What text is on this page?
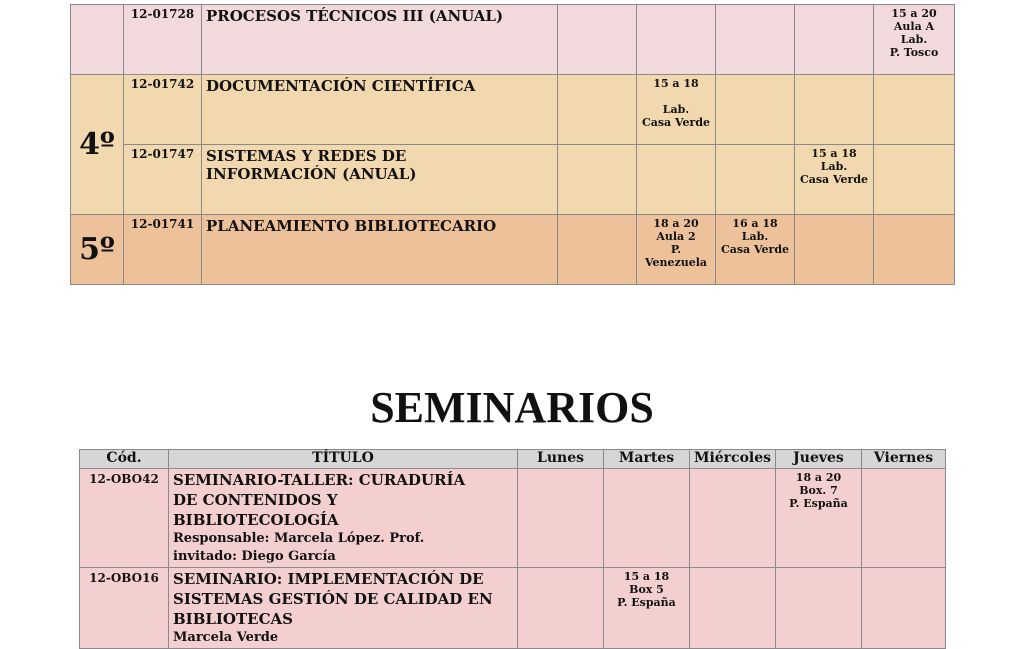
	12-01728	PROCESOS TÉCNICOS III (ANUAL)					15 a 20
Aula A
Lab.
P. Tosco

4º	12-01742	DOCUMENTACIÓN CIENTÍFICA		15 a 18
Lab.
Casa Verde			

	12-01747	SISTEMAS Y REDES DE
INFORMACIÓN (ANUAL)				15 a 18
Lab.
Casa Verde	

5º	12-01741	PLANEAMIENTO BIBLIOTECARIO		18 a 20
Aula 2
P.
Venezuela	16 a 18
Lab.
Casa Verde		

SEMINARIOS
Cód.	TÍTULO	Lunes	Martes	Miércoles	Jueves	Viernes
12-OBO42	SEMINARIO-TALLER: CURADURÍA
DE CONTENIDOS Y
BIBLIOTECOLOGÍA
Responsable: Marcela López. Prof.
invitado: Diego García				18 a 20
Box. 7
P. España	

12-OBO16	SEMINARIO: IMPLEMENTACIÓN DE
SISTEMAS GESTIÓN DE CALIDAD EN
BIBLIOTECAS
Marcela Verde		15 a 18
Box 5
P. España			
